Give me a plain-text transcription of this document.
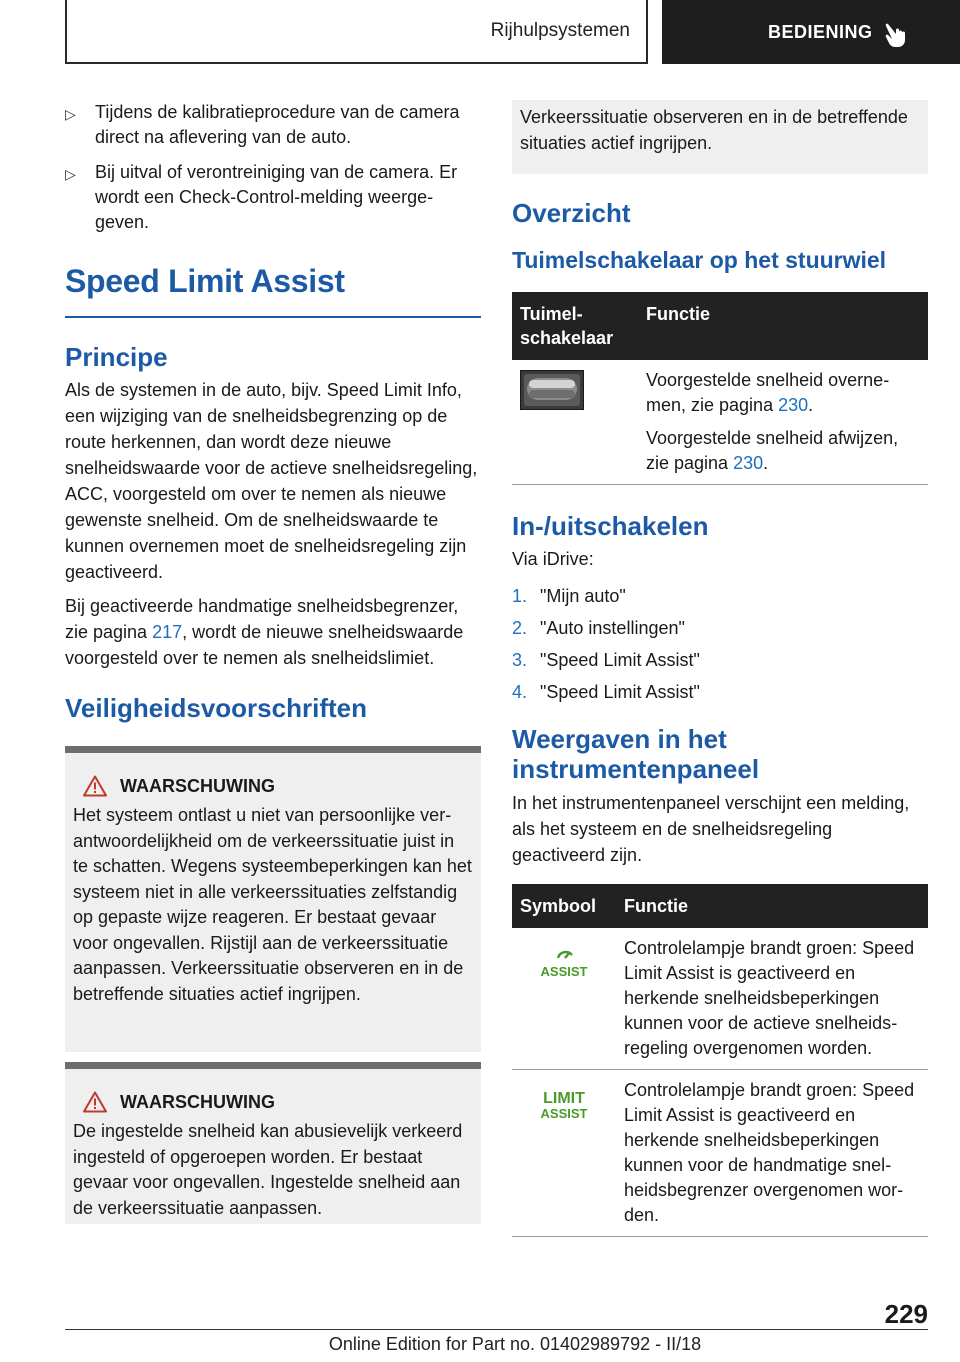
Rijhulpsystemen	BEDIENING
▷	Tijdens de kalibratieprocedure van de camera direct na aflevering van de auto.
▷	Bij uitval of verontreiniging van de camera. Er wordt een Check-Control-melding weergegeven.
Speed Limit Assist
Principe

Als de systemen in de auto, bijv. Speed Limit Info, een wijziging van de snelheidsbegrenzing op de route herkennen, dan wordt deze nieuwe snelheidswaarde voor de actieve snelheidsregeling, ACC, voorgesteld om over te nemen als nieuwe gewenste snelheid. Om de snelheidswaarde te kunnen overnemen moet de snelheidsregeling zijn geactiveerd.

Bij geactiveerde handmatige snelheidsbegrenzer, zie pagina 217, wordt de nieuwe snelheidswaarde voorgesteld over te nemen als snelheidslimiet.

Veiligheidsvoorschriften
WAARSCHUWING

Het systeem ontlast u niet van persoonlijke verantwoordelijkheid om de verkeerssituatie juist in te schatten. Wegens systeembeperkingen kan het systeem niet in alle verkeerssituaties zelfstandig op gepaste wijze reageren. Er bestaat gevaar voor ongevallen. Rijstijl aan de verkeerssituatie aanpassen. Verkeerssituatie observeren en in de betreffende situaties actief ingrijpen.

WAARSCHUWING

De ingestelde snelheid kan abusievelijk verkeerd ingesteld of opgeroepen worden. Er bestaat gevaar voor ongevallen. Ingestelde snelheid aan de verkeerssituatie aanpassen.

Verkeerssituatie observeren en in de betreffende situaties actief ingrijpen.
Overzicht
Tuimelschakelaar op het stuurwiel
Tuimelschakelaar	Functie

Voorgestelde snelheid overnemen, zie pagina 230.

Voorgestelde snelheid afwijzen, zie pagina 230.

In-/uitschakelen

Via iDrive:

1. "Mijn auto"
2. "Auto instellingen"
3. "Speed Limit Assist"
4. "Speed Limit Assist"
Weergaven in het
instrumentenpaneel

In het instrumentenpaneel verschijnt een melding, als het systeem en de snelheidsregeling geactiveerd zijn.

Symbool	Functie

ASSIST	Controlelampje brandt groen: Speed Limit Assist is geactiveerd en herkende snelheidsbeperkingen kunnen voor de actieve snelheidsregeling overgenomen worden.

LIMIT
ASSIST	Controlelampje brandt groen: Speed Limit Assist is geactiveerd en herkende snelheidsbeperkingen kunnen voor de handmatige snelheidsbegrenzer overgenomen worden.
229
Online Edition for Part no. 01402989792 - II/18
